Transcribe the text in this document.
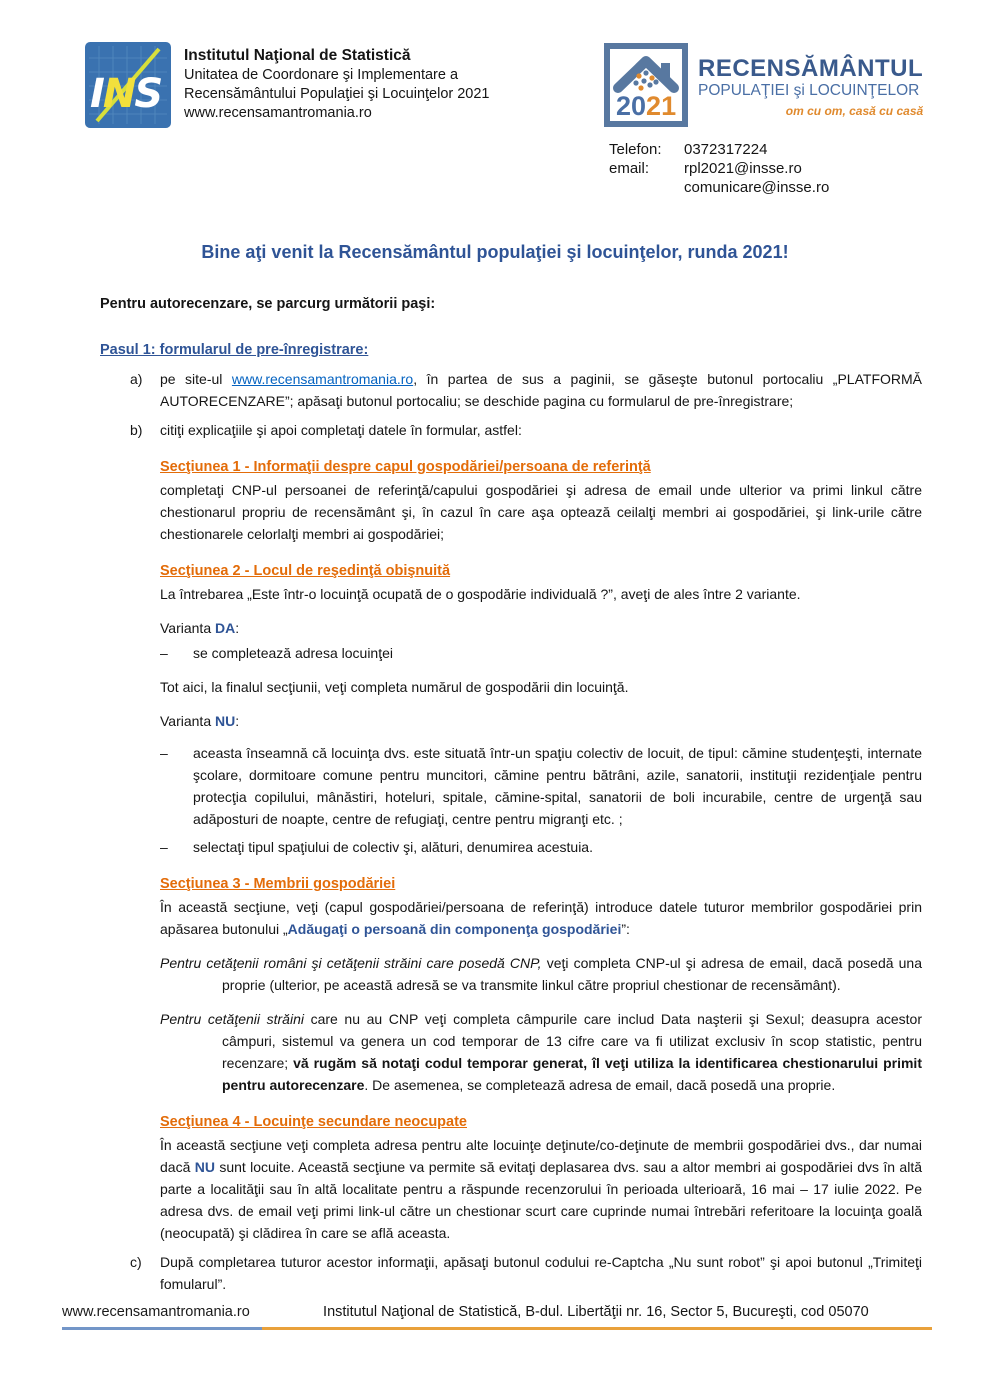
INS
Institutul Naţional de Statistică
Unitatea de Coordonare şi Implementare a
Recensământului Populaţiei şi Locuinţelor 2021
www.recensamantromania.ro	2021
RECENSĂMÂNTUL
POPULAŢIEI şi LOCUINŢELOR
om cu om, casă cu casă
Telefon:	0372317224
email:	rpl2021@insse.ro
comunicare@insse.ro
Bine aţi venit la Recensământul populaţiei şi locuinţelor, runda 2021!
Pentru autorecenzare, se parcurg următorii paşi:
Pasul 1: formularul de pre-înregistrare:
a)	pe site-ul www.recensamantromania.ro, în partea de sus a paginii, se găseşte butonul portocaliu „PLATFORMĂ AUTORECENZARE”; apăsaţi butonul portocaliu; se deschide pagina cu formularul de pre-înregistrare;
b)	citiţi explicaţiile şi apoi completaţi datele în formular, astfel:
Secţiunea 1 - Informaţii despre capul gospodăriei/persoana de referinţă
completaţi CNP-ul persoanei de referinţă/capului gospodăriei şi adresa de email unde ulterior va primi linkul către chestionarul propriu de recensământ şi, în cazul în care aşa optează ceilalţi membri ai gospodăriei, şi link-urile către chestionarele celorlalţi membri ai gospodăriei;
Secţiunea 2 - Locul de reşedinţă obişnuită
La întrebarea „Este într-o locuinţă ocupată de o gospodărie individuală ?”, aveţi de ales între 2 variante.
Varianta DA:
–	se completează adresa locuinţei
Tot aici, la finalul secţiunii, veţi completa numărul de gospodării din locuinţă.
Varianta NU:
–	aceasta înseamnă că locuinţa dvs. este situată într-un spaţiu colectiv de locuit, de tipul: cămine studenţeşti, internate şcolare, dormitoare comune pentru muncitori, cămine pentru bătrâni, azile, sanatorii, instituţii rezidenţiale pentru protecţia copilului, mânăstiri, hoteluri, spitale, cămine-spital, sanatorii de boli incurabile, centre de urgenţă sau adăposturi de noapte, centre de refugiaţi, centre pentru migranţi etc. ;
–	selectaţi tipul spaţiului de colectiv şi, alături, denumirea acestuia.
Secţiunea 3 - Membrii gospodăriei
În această secţiune, veţi (capul gospodăriei/persoana de referinţă) introduce datele tuturor membrilor gospodăriei prin apăsarea butonului „Adăugaţi o persoană din componenţa gospodăriei”:
Pentru cetăţenii români şi cetăţenii străini care posedă CNP, veţi completa CNP-ul şi adresa de email, dacă posedă una proprie (ulterior, pe această adresă se va transmite linkul către propriul chestionar de recensământ).
Pentru cetăţenii străini care nu au CNP veţi completa câmpurile care includ Data naşterii şi Sexul; deasupra acestor câmpuri, sistemul va genera un cod temporar de 13 cifre care va fi utilizat exclusiv în scop statistic, pentru recenzare; vă rugăm să notaţi codul temporar generat, îl veţi utiliza la identificarea chestionarului primit pentru autorecenzare. De asemenea, se completează adresa de email, dacă posedă una proprie.
Secţiunea 4 - Locuinţe secundare neocupate
În această secţiune veţi completa adresa pentru alte locuinţe deţinute/co-deţinute de membrii gospodăriei dvs., dar numai dacă NU sunt locuite. Această secţiune va permite să evitaţi deplasarea dvs. sau a altor membri ai gospodăriei dvs în altă parte a localităţii sau în altă localitate pentru a răspunde recenzorului în perioada ulterioară, 16 mai – 17 iulie 2022. Pe adresa dvs. de email veţi primi link-ul către un chestionar scurt care cuprinde numai întrebări referitoare la locuinţa goală (neocupată) şi clădirea în care se află aceasta.
c)	După completarea tuturor acestor informaţii, apăsaţi butonul codului re-Captcha „Nu sunt robot” şi apoi butonul „Trimiteţi fomularul”.
www.recensamantromania.ro	Institutul Naţional de Statistică, B-dul. Libertăţii nr. 16, Sector 5, Bucureşti, cod 05070
